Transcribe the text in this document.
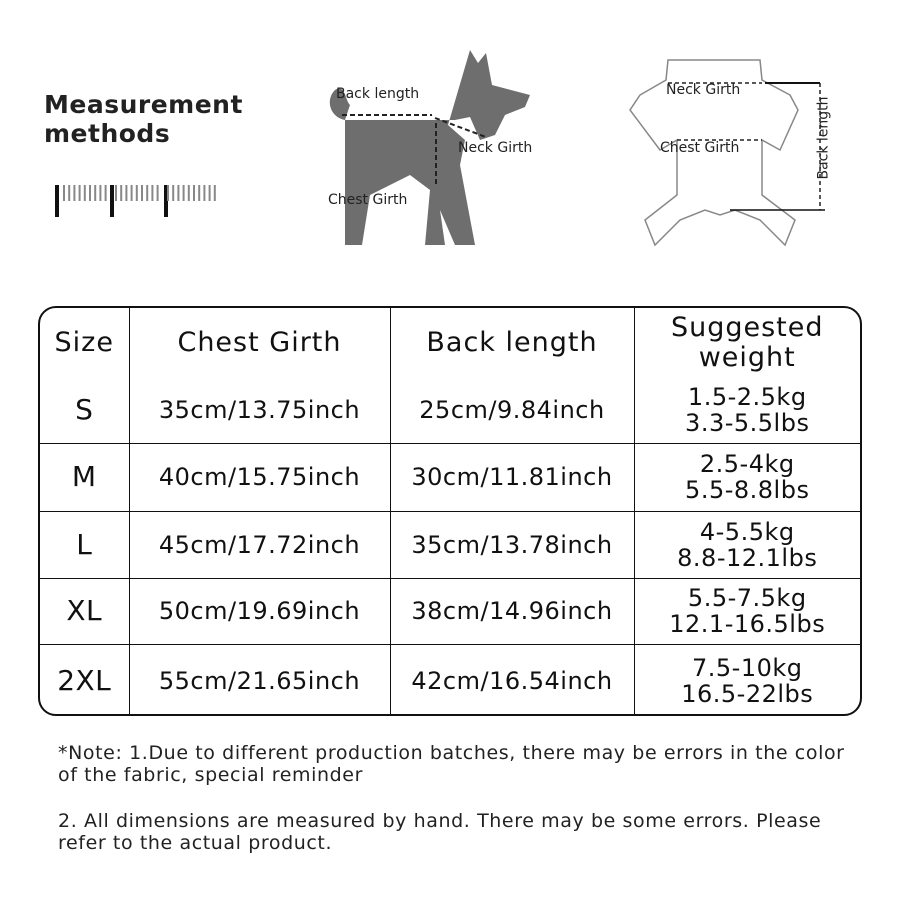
Measurement
methods
Back length
Neck Girth
Chest Girth
Neck Girth
Chest Girth	Back length
Size	Chest Girth	Back length	Suggested weight
S	35cm/13.75inch	25cm/9.84inch	1.5-2.5kg
3.3-5.5lbs

M	40cm/15.75inch	30cm/11.81inch	2.5-4kg
5.5-8.8lbs

L	45cm/17.72inch	35cm/13.78inch	4-5.5kg
8.8-12.1lbs

XL	50cm/19.69inch	38cm/14.96inch	5.5-7.5kg
12.1-16.5lbs

2XL	55cm/21.65inch	42cm/16.54inch	7.5-10kg
16.5-22lbs
*Note: 1.Due to different production batches, there may be errors in the color of the fabric, special reminder
2. All dimensions are measured by hand. There may be some errors. Please refer to the actual product.
